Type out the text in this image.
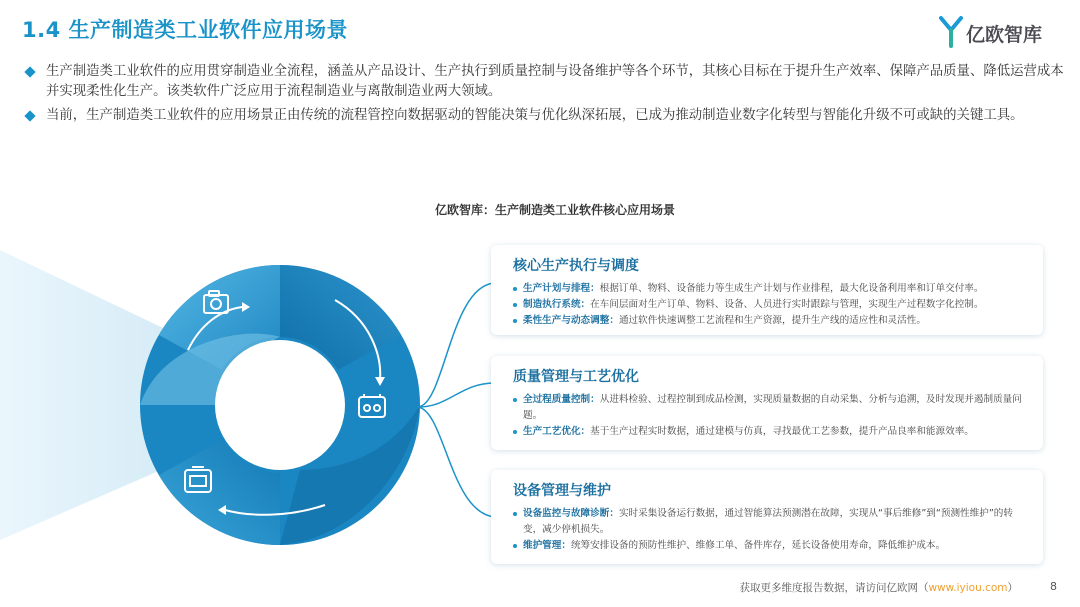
1.4 生产制造类工业软件应用场景	亿欧智库
生产制造类工业软件的应用贯穿制造业全流程，涵盖从产品设计、生产执行到质量控制与设备维护等各个环节，其核心目标在于提升生产效率、保障产品质量、降低运营成本并实现柔性化生产。该类软件广泛应用于流程制造业与离散制造业两大领域。
当前，生产制造类工业软件的应用场景正由传统的流程管控向数据驱动的智能决策与优化纵深拓展，已成为推动制造业数字化转型与智能化升级不可或缺的关键工具。
亿欧智库：生产制造类工业软件核心应用场景
核心生产执行与调度
生产计划与排程：根据订单、物料、设备能力等生成生产计划与作业排程，最大化设备利用率和订单交付率。
制造执行系统：在车间层面对生产订单、物料、设备、人员进行实时跟踪与管理，实现生产过程数字化控制。
柔性生产与动态调整：通过软件快速调整工艺流程和生产资源，提升生产线的适应性和灵活性。
质量管理与工艺优化
全过程质量控制：从进料检验、过程控制到成品检测，实现质量数据的自动采集、分析与追溯，及时发现并遏制质量问题。
生产工艺优化：基于生产过程实时数据，通过建模与仿真，寻找最优工艺参数，提升产品良率和能源效率。
设备管理与维护
设备监控与故障诊断：实时采集设备运行数据，通过智能算法预测潜在故障，实现从“事后维修”到“预测性维护”的转变，减少停机损失。
维护管理：统筹安排设备的预防性维护、维修工单、备件库存，延长设备使用寿命，降低维护成本。
获取更多维度报告数据，请访问亿欧网（www.iyiou.com）	8
